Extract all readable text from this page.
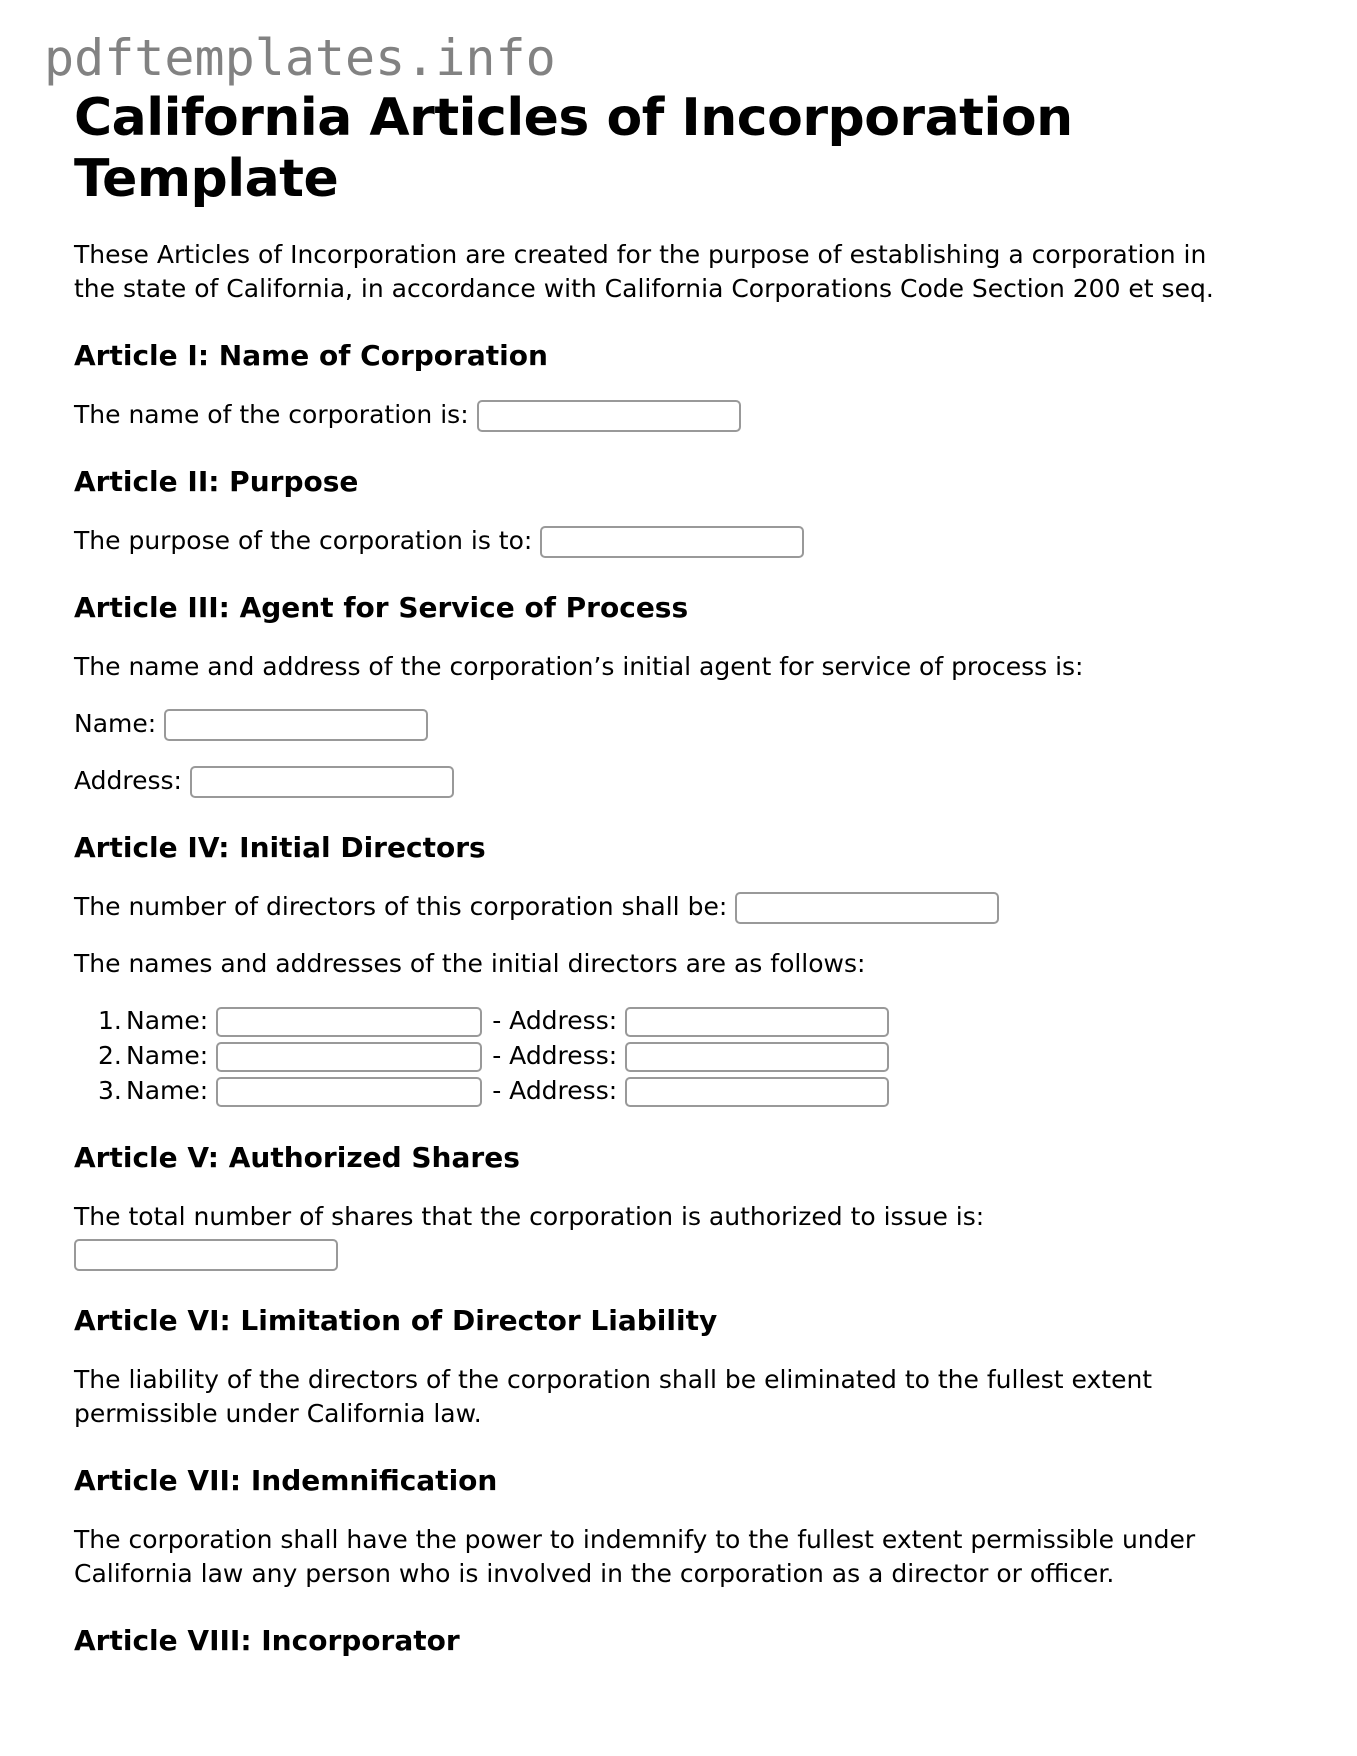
pdftemplates.info
California Articles of Incorporation Template

These Articles of Incorporation are created for the purpose of establishing a corporation in the state of California, in accordance with California Corporations Code Section 200 et seq.

Article I: Name of Corporation

The name of the corporation is:

Article II: Purpose

The purpose of the corporation is to:

Article III: Agent for Service of Process

The name and address of the corporation’s initial agent for service of process is:

Name:

Address:

Article IV: Initial Directors

The number of directors of this corporation shall be:

The names and addresses of the initial directors are as follows:

1. Name:	- Address:
2. Name:	- Address:
3. Name:	- Address:
Article V: Authorized Shares

The total number of shares that the corporation is authorized to issue is:

Article VI: Limitation of Director Liability

The liability of the directors of the corporation shall be eliminated to the fullest extent permissible under California law.

Article VII: Indemnification

The corporation shall have the power to indemnify to the fullest extent permissible under California law any person who is involved in the corporation as a director or officer.

Article VIII: Incorporator
